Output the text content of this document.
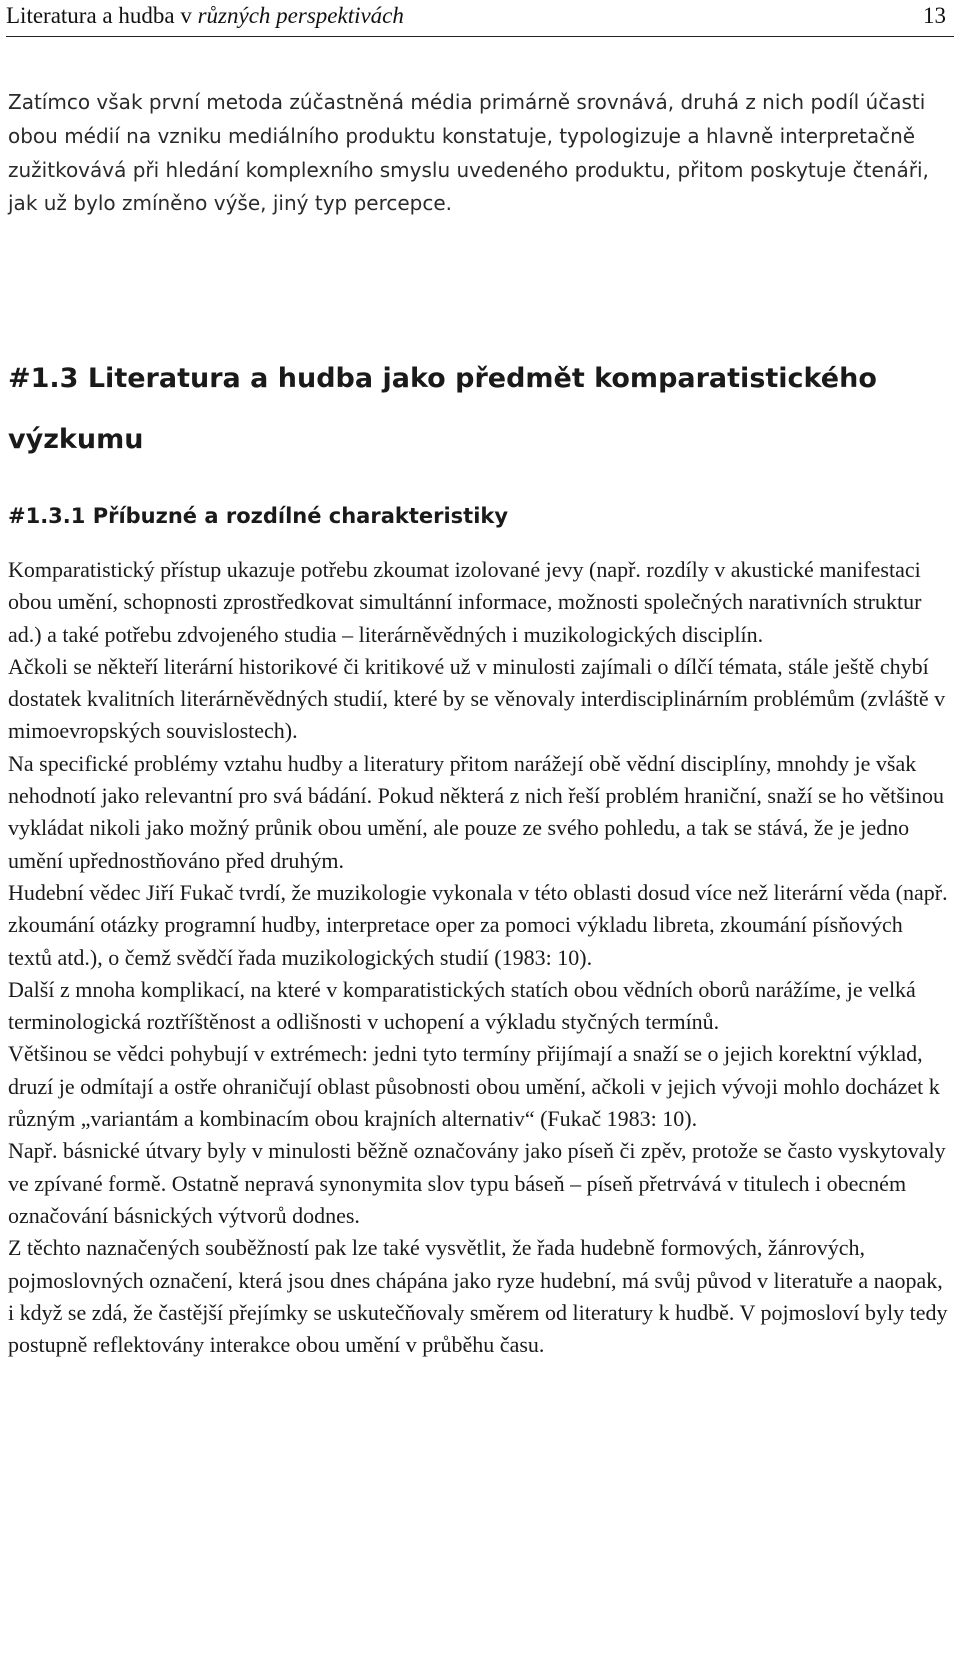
Literatura a hudba v různých perspektivách	13

Zatímco však první metoda zúčastněná média primárně srovnává, druhá z nich podíl účasti obou médií na vzniku mediálního produktu konstatuje, typologizuje a hlavně interpretačně zužitkovává při hledání komplexního smyslu uvedeného produktu, přitom poskytuje čtenáři, jak už bylo zmíněno výše, jiný typ percepce.

#1.3 Literatura a hudba jako předmět komparatistického výzkumu
#1.3.1 Příbuzné a rozdílné charakteristiky

Komparatistický přístup ukazuje potřebu zkoumat izolované jevy (např. rozdíly v akustické manifestaci obou umění, schopnosti zprostředkovat simultánní informace, možnosti společných narativních struktur ad.) a také potřebu zdvojeného studia – literárněvědných i muzikologických disciplín.

Ačkoli se někteří literární historikové či kritikové už v minulosti zajímali o dílčí témata, stále ještě chybí dostatek kvalitních literárněvědných studií, které by se věnovaly interdisciplinárním problémům (zvláště v mimoevropských souvislostech).

Na specifické problémy vztahu hudby a literatury přitom narážejí obě vědní disciplíny, mnohdy je však nehodnotí jako relevantní pro svá bádání. Pokud některá z nich řeší problém hraniční, snaží se ho většinou vykládat nikoli jako možný průnik obou umění, ale pouze ze svého pohledu, a tak se stává, že je jedno umění upřednostňováno před druhým.

Hudební vědec Jiří Fukač tvrdí, že muzikologie vykonala v této oblasti dosud více než literární věda (např. zkoumání otázky programní hudby, interpretace oper za pomoci výkladu libreta, zkoumání písňových textů atd.), o čemž svědčí řada muzikologických studií (1983: 10).

Další z mnoha komplikací, na které v komparatistických statích obou vědních oborů narážíme, je velká terminologická roztříštěnost a odlišnosti v uchopení a výkladu styčných termínů.

Většinou se vědci pohybují v extrémech: jedni tyto termíny přijímají a snaží se o jejich korektní výklad, druzí je odmítají a ostře ohraničují oblast působnosti obou umění, ačkoli v jejich vývoji mohlo docházet k různým „variantám a kombinacím obou krajních alternativ“ (Fukač 1983: 10).

Např. básnické útvary byly v minulosti běžně označovány jako píseň či zpěv, protože se často vyskytovaly ve zpívané formě. Ostatně nepravá synonymita slov typu báseň – píseň přetrvává v titulech i obecném označování básnických výtvorů dodnes.

Z těchto naznačených souběžností pak lze také vysvětlit, že řada hudebně formových, žánrových, pojmoslovných označení, která jsou dnes chápána jako ryze hudební, má svůj původ v literatuře a naopak, i když se zdá, že častější přejímky se uskutečňovaly směrem od literatury k hudbě. V pojmosloví byly tedy postupně reflektovány interakce obou umění v průběhu času.
